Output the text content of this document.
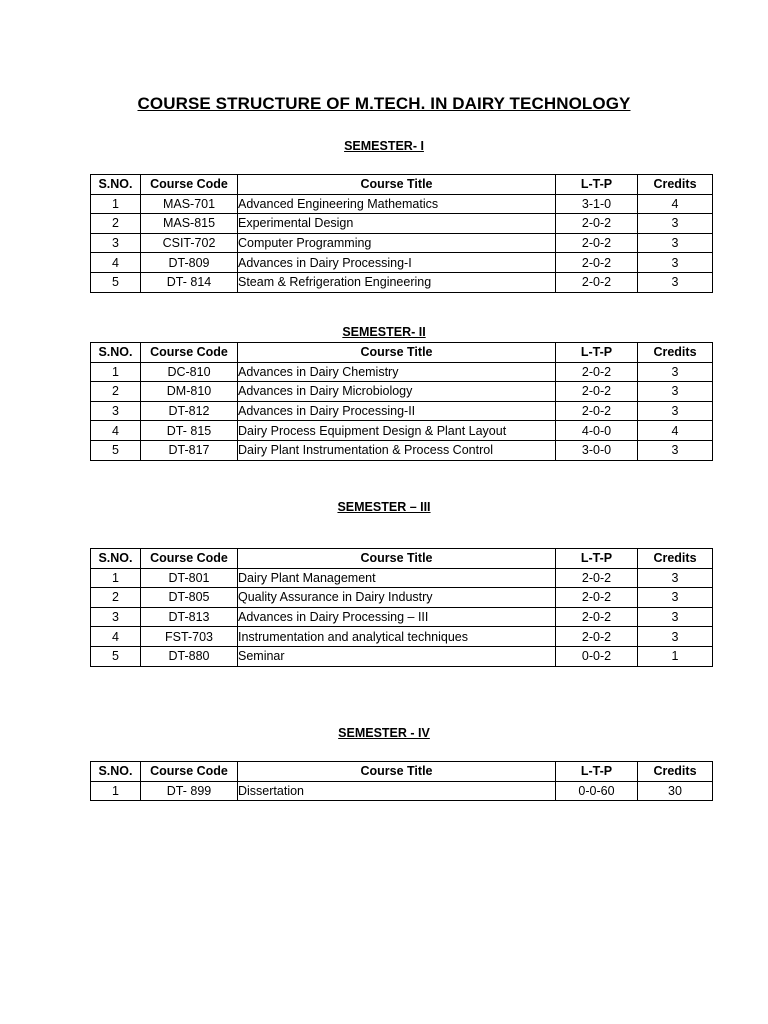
COURSE STRUCTURE OF M.TECH. IN DAIRY TECHNOLOGY
SEMESTER- I
S.NO.	Course Code	Course Title	L-T-P	Credits
1	MAS-701	Advanced Engineering Mathematics	3-1-0	4
2	MAS-815	Experimental Design	2-0-2	3
3	CSIT-702	Computer Programming	2-0-2	3
4	DT-809	Advances in Dairy Processing-I	2-0-2	3
5	DT- 814	Steam & Refrigeration Engineering	2-0-2	3
SEMESTER- II
S.NO.	Course Code	Course Title	L-T-P	Credits
1	DC-810	Advances in Dairy Chemistry	2-0-2	3
2	DM-810	Advances in Dairy Microbiology	2-0-2	3
3	DT-812	Advances in Dairy Processing-II	2-0-2	3
4	DT- 815	Dairy Process Equipment Design & Plant Layout	4-0-0	4
5	DT-817	Dairy Plant Instrumentation & Process Control	3-0-0	3
SEMESTER – III
S.NO.	Course Code	Course Title	L-T-P	Credits
1	DT-801	Dairy Plant Management	2-0-2	3
2	DT-805	Quality Assurance in Dairy Industry	2-0-2	3
3	DT-813	Advances in Dairy Processing – III	2-0-2	3
4	FST-703	Instrumentation and analytical techniques	2-0-2	3
5	DT-880	Seminar	0-0-2	1
SEMESTER - IV
S.NO.	Course Code	Course Title	L-T-P	Credits
1	DT- 899	Dissertation	0-0-60	30
